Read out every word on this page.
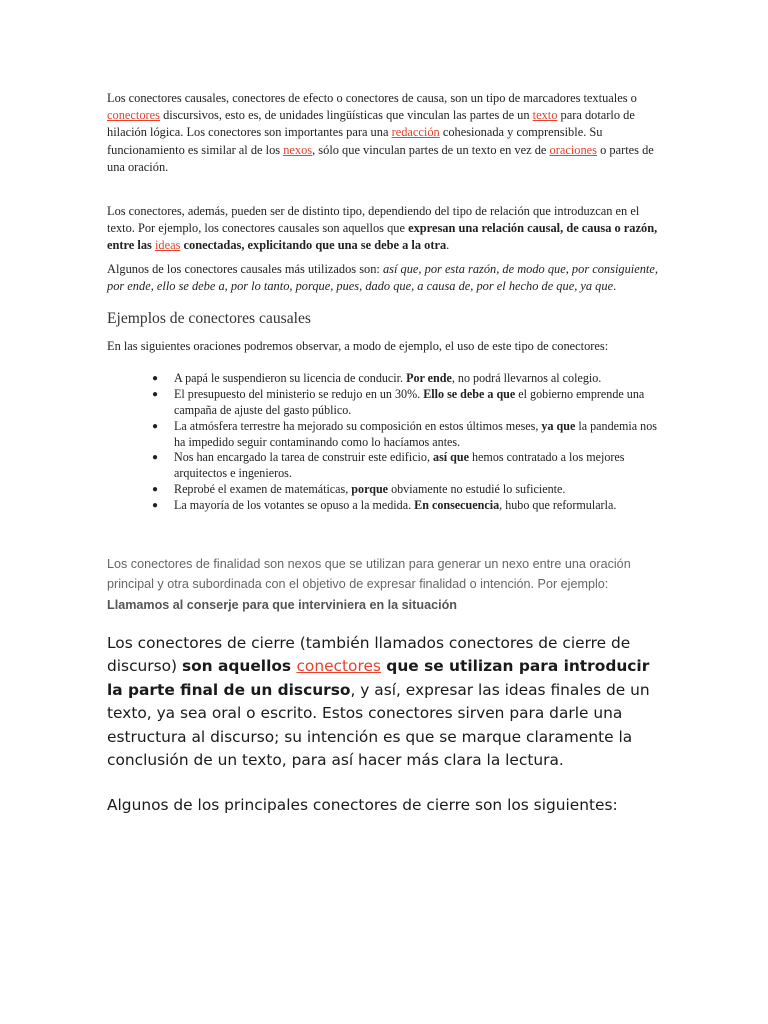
Los conectores causales, conectores de efecto o conectores de causa, son un tipo de marcadores textuales o conectores discursivos, esto es, de unidades lingüísticas que vinculan las partes de un texto para dotarlo de hilación lógica. Los conectores son importantes para una redacción cohesionada y comprensible. Su funcionamiento es similar al de los nexos, sólo que vinculan partes de un texto en vez de oraciones o partes de una oración.

Los conectores, además, pueden ser de distinto tipo, dependiendo del tipo de relación que introduzcan en el texto. Por ejemplo, los conectores causales son aquellos que expresan una relación causal, de causa o razón, entre las ideas conectadas, explicitando que una se debe a la otra.

Algunos de los conectores causales más utilizados son: así que, por esta razón, de modo que, por consiguiente, por ende, ello se debe a, por lo tanto, porque, pues, dado que, a causa de, por el hecho de que, ya que.

Ejemplos de conectores causales

En las siguientes oraciones podremos observar, a modo de ejemplo, el uso de este tipo de conectores:

● A papá le suspendieron su licencia de conducir. Por ende, no podrá llevarnos al colegio.
● El presupuesto del ministerio se redujo en un 30%. Ello se debe a que el gobierno emprende una campaña de ajuste del gasto público.
● La atmósfera terrestre ha mejorado su composición en estos últimos meses, ya que la pandemia nos ha impedido seguir contaminando como lo hacíamos antes.
● Nos han encargado la tarea de construir este edificio, así que hemos contratado a los mejores arquitectos e ingenieros.
● Reprobé el examen de matemáticas, porque obviamente no estudié lo suficiente.
● La mayoría de los votantes se opuso a la medida. En consecuencia, hubo que reformularla.

Los conectores de finalidad son nexos que se utilizan para generar un nexo entre una oración principal y otra subordinada con el objetivo de expresar finalidad o intención. Por ejemplo: Llamamos al conserje para que interviniera en la situación

Los conectores de cierre (también llamados conectores de cierre de discurso) son aquellos conectores que se utilizan para introducir la parte final de un discurso, y así, expresar las ideas finales de un texto, ya sea oral o escrito. Estos conectores sirven para darle una estructura al discurso; su intención es que se marque claramente la conclusión de un texto, para así hacer más clara la lectura.

Algunos de los principales conectores de cierre son los siguientes:
